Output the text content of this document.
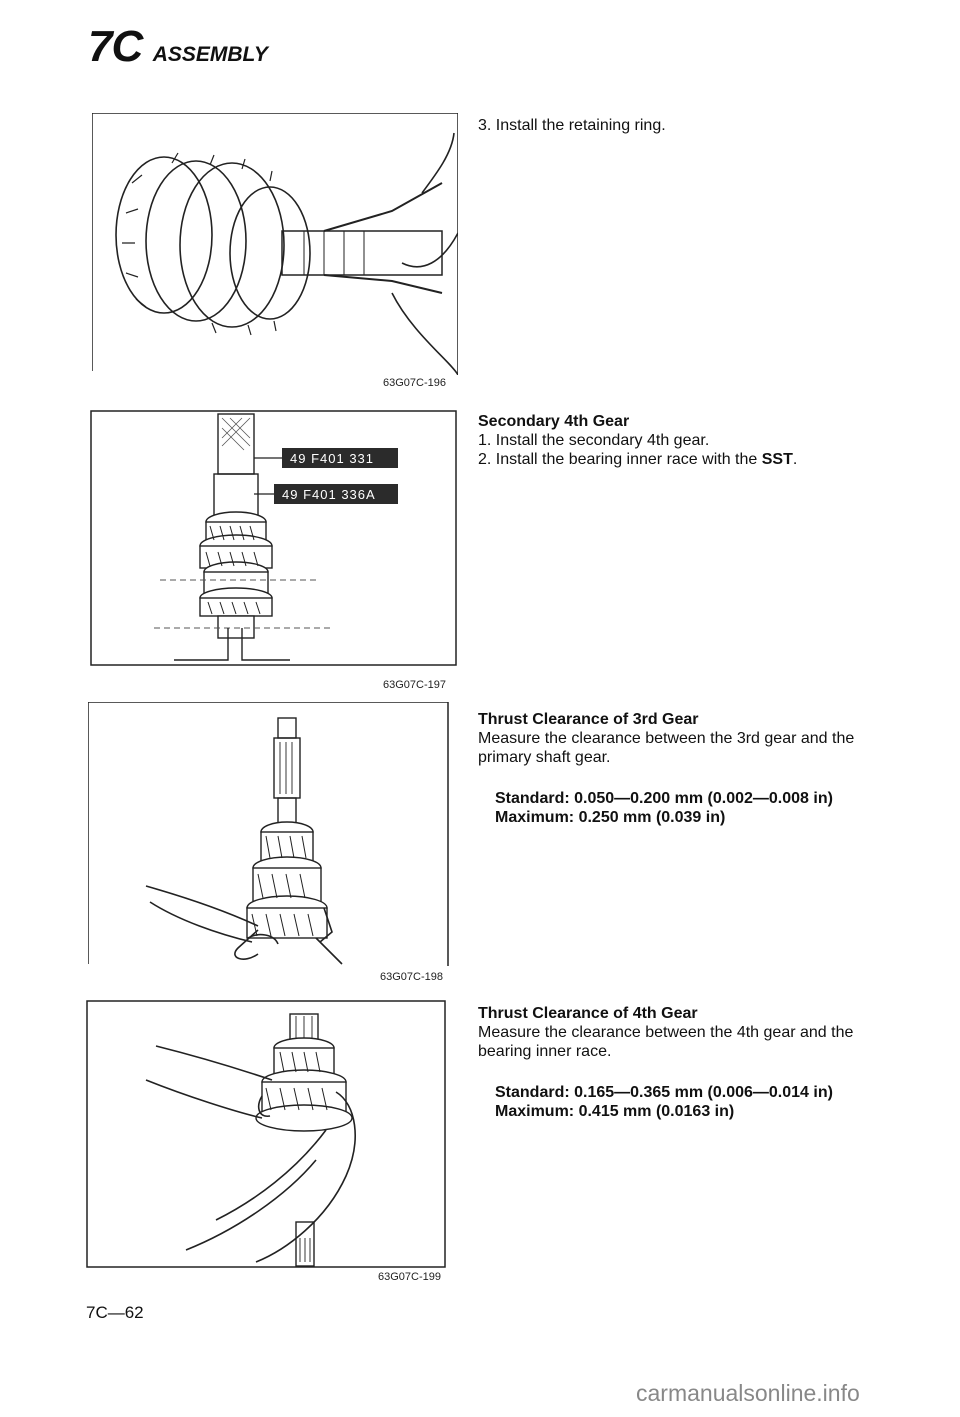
7C ASSEMBLY
63G07C-196
3. Install the retaining ring.
49 F401 331
49 F401 336A
63G07C-197
Secondary 4th Gear
1. Install the secondary 4th gear.
2. Install the bearing inner race with the SST.
63G07C-198
Thrust Clearance of 3rd Gear
Measure the clearance between the 3rd gear and the primary shaft gear.
Standard: 0.050—0.200 mm (0.002—0.008 in)
Maximum: 0.250 mm (0.039 in)
63G07C-199
Thrust Clearance of 4th Gear
Measure the clearance between the 4th gear and the bearing inner race.
Standard: 0.165—0.365 mm (0.006—0.014 in)
Maximum: 0.415 mm (0.0163 in)
7C—62
carmanualsonline.info
